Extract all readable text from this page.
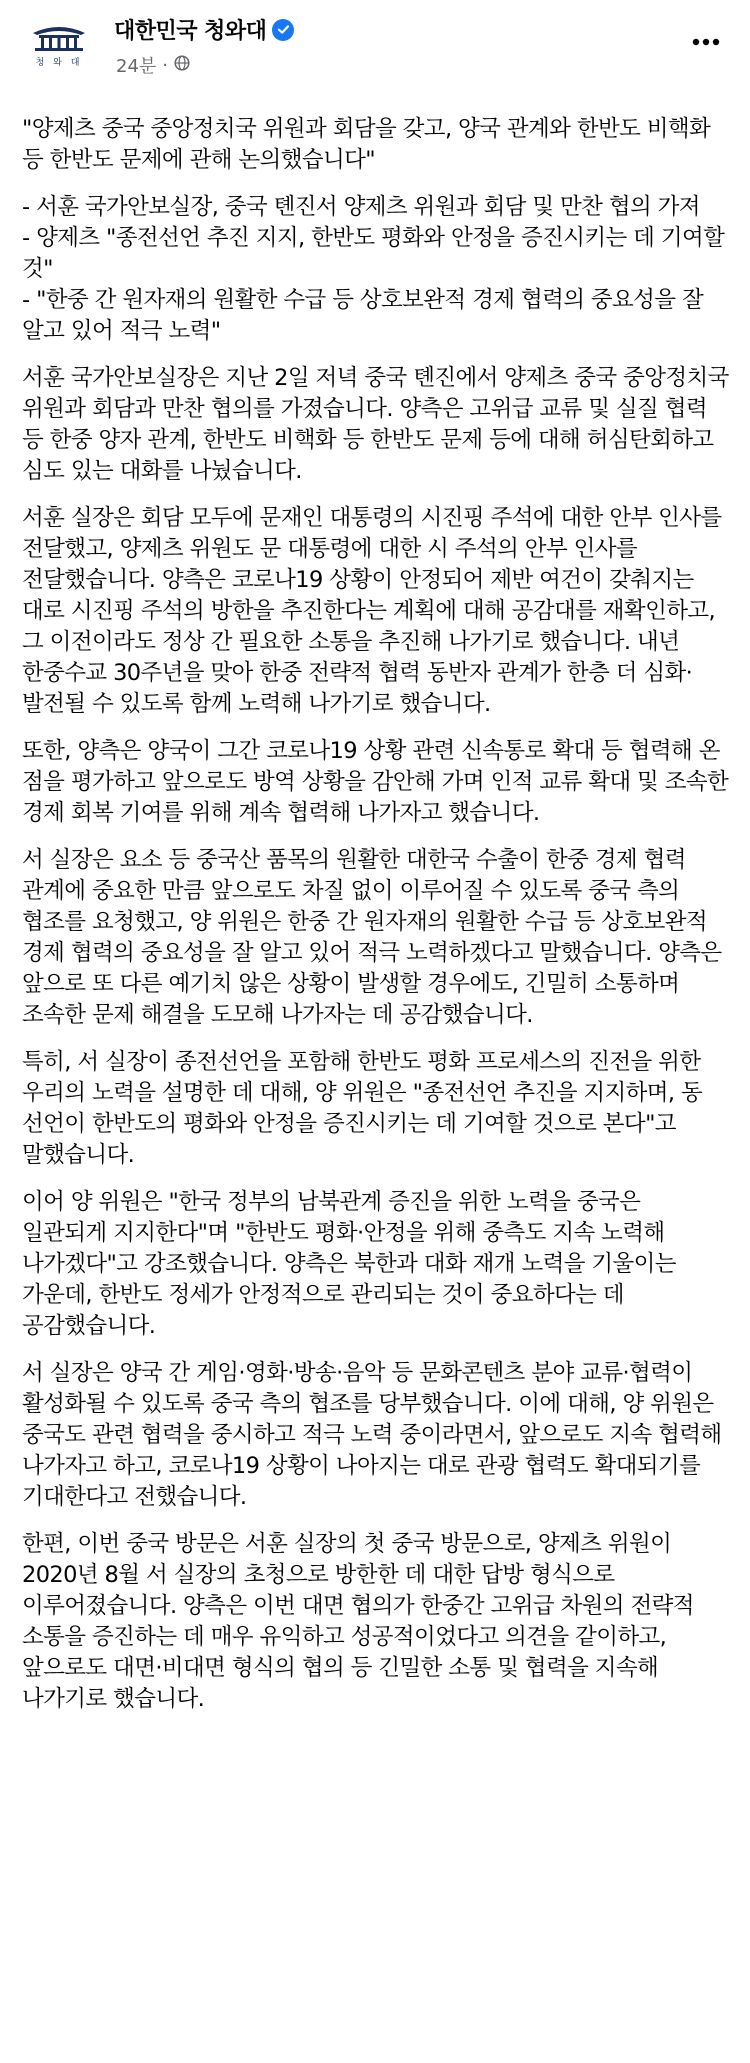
청 와 대
대한민국 청와대
24분 ·

"양제츠 중국 중앙정치국 위원과 회담을 갖고, 양국 관계와 한반도 비핵화 등 한반도 문제에 관해 논의했습니다"

- 서훈 국가안보실장, 중국 톈진서 양제츠 위원과 회담 및 만찬 협의 가져
- 양제츠 "종전선언 추진 지지, 한반도 평화와 안정을 증진시키는 데 기여할 것"
- "한중 간 원자재의 원활한 수급 등 상호보완적 경제 협력의 중요성을 잘 알고 있어 적극 노력"

서훈 국가안보실장은 지난 2일 저녁 중국 톈진에서 양제츠 중국 중앙정치국 위원과 회담과 만찬 협의를 가졌습니다. 양측은 고위급 교류 및 실질 협력 등 한중 양자 관계, 한반도 비핵화 등 한반도 문제 등에 대해 허심탄회하고 심도 있는 대화를 나눴습니다.

서훈 실장은 회담 모두에 문재인 대통령의 시진핑 주석에 대한 안부 인사를 전달했고, 양제츠 위원도 문 대통령에 대한 시 주석의 안부 인사를 전달했습니다. 양측은 코로나19 상황이 안정되어 제반 여건이 갖춰지는 대로 시진핑 주석의 방한을 추진한다는 계획에 대해 공감대를 재확인하고, 그 이전이라도 정상 간 필요한 소통을 추진해 나가기로 했습니다. 내년 한중수교 30주년을 맞아 한중 전략적 협력 동반자 관계가 한층 더 심화·발전될 수 있도록 함께 노력해 나가기로 했습니다.

또한, 양측은 양국이 그간 코로나19 상황 관련 신속통로 확대 등 협력해 온 점을 평가하고 앞으로도 방역 상황을 감안해 가며 인적 교류 확대 및 조속한 경제 회복 기여를 위해 계속 협력해 나가자고 했습니다.

서 실장은 요소 등 중국산 품목의 원활한 대한국 수출이 한중 경제 협력 관계에 중요한 만큼 앞으로도 차질 없이 이루어질 수 있도록 중국 측의 협조를 요청했고, 양 위원은 한중 간 원자재의 원활한 수급 등 상호보완적 경제 협력의 중요성을 잘 알고 있어 적극 노력하겠다고 말했습니다. 양측은 앞으로 또 다른 예기치 않은 상황이 발생할 경우에도, 긴밀히 소통하며 조속한 문제 해결을 도모해 나가자는 데 공감했습니다.

특히, 서 실장이 종전선언을 포함해 한반도 평화 프로세스의 진전을 위한 우리의 노력을 설명한 데 대해, 양 위원은 "종전선언 추진을 지지하며, 동 선언이 한반도의 평화와 안정을 증진시키는 데 기여할 것으로 본다"고 말했습니다.

이어 양 위원은 "한국 정부의 남북관계 증진을 위한 노력을 중국은 일관되게 지지한다"며 "한반도 평화·안정을 위해 중측도 지속 노력해 나가겠다"고 강조했습니다. 양측은 북한과 대화 재개 노력을 기울이는 가운데, 한반도 정세가 안정적으로 관리되는 것이 중요하다는 데 공감했습니다.

서 실장은 양국 간 게임·영화·방송·음악 등 문화콘텐츠 분야 교류·협력이 활성화될 수 있도록 중국 측의 협조를 당부했습니다. 이에 대해, 양 위원은 중국도 관련 협력을 중시하고 적극 노력 중이라면서, 앞으로도 지속 협력해 나가자고 하고, 코로나19 상황이 나아지는 대로 관광 협력도 확대되기를 기대한다고 전했습니다.

한편, 이번 중국 방문은 서훈 실장의 첫 중국 방문으로, 양제츠 위원이 2020년 8월 서 실장의 초청으로 방한한 데 대한 답방 형식으로 이루어졌습니다. 양측은 이번 대면 협의가 한중간 고위급 차원의 전략적 소통을 증진하는 데 매우 유익하고 성공적이었다고 의견을 같이하고, 앞으로도 대면·비대면 형식의 협의 등 긴밀한 소통 및 협력을 지속해 나가기로 했습니다.
